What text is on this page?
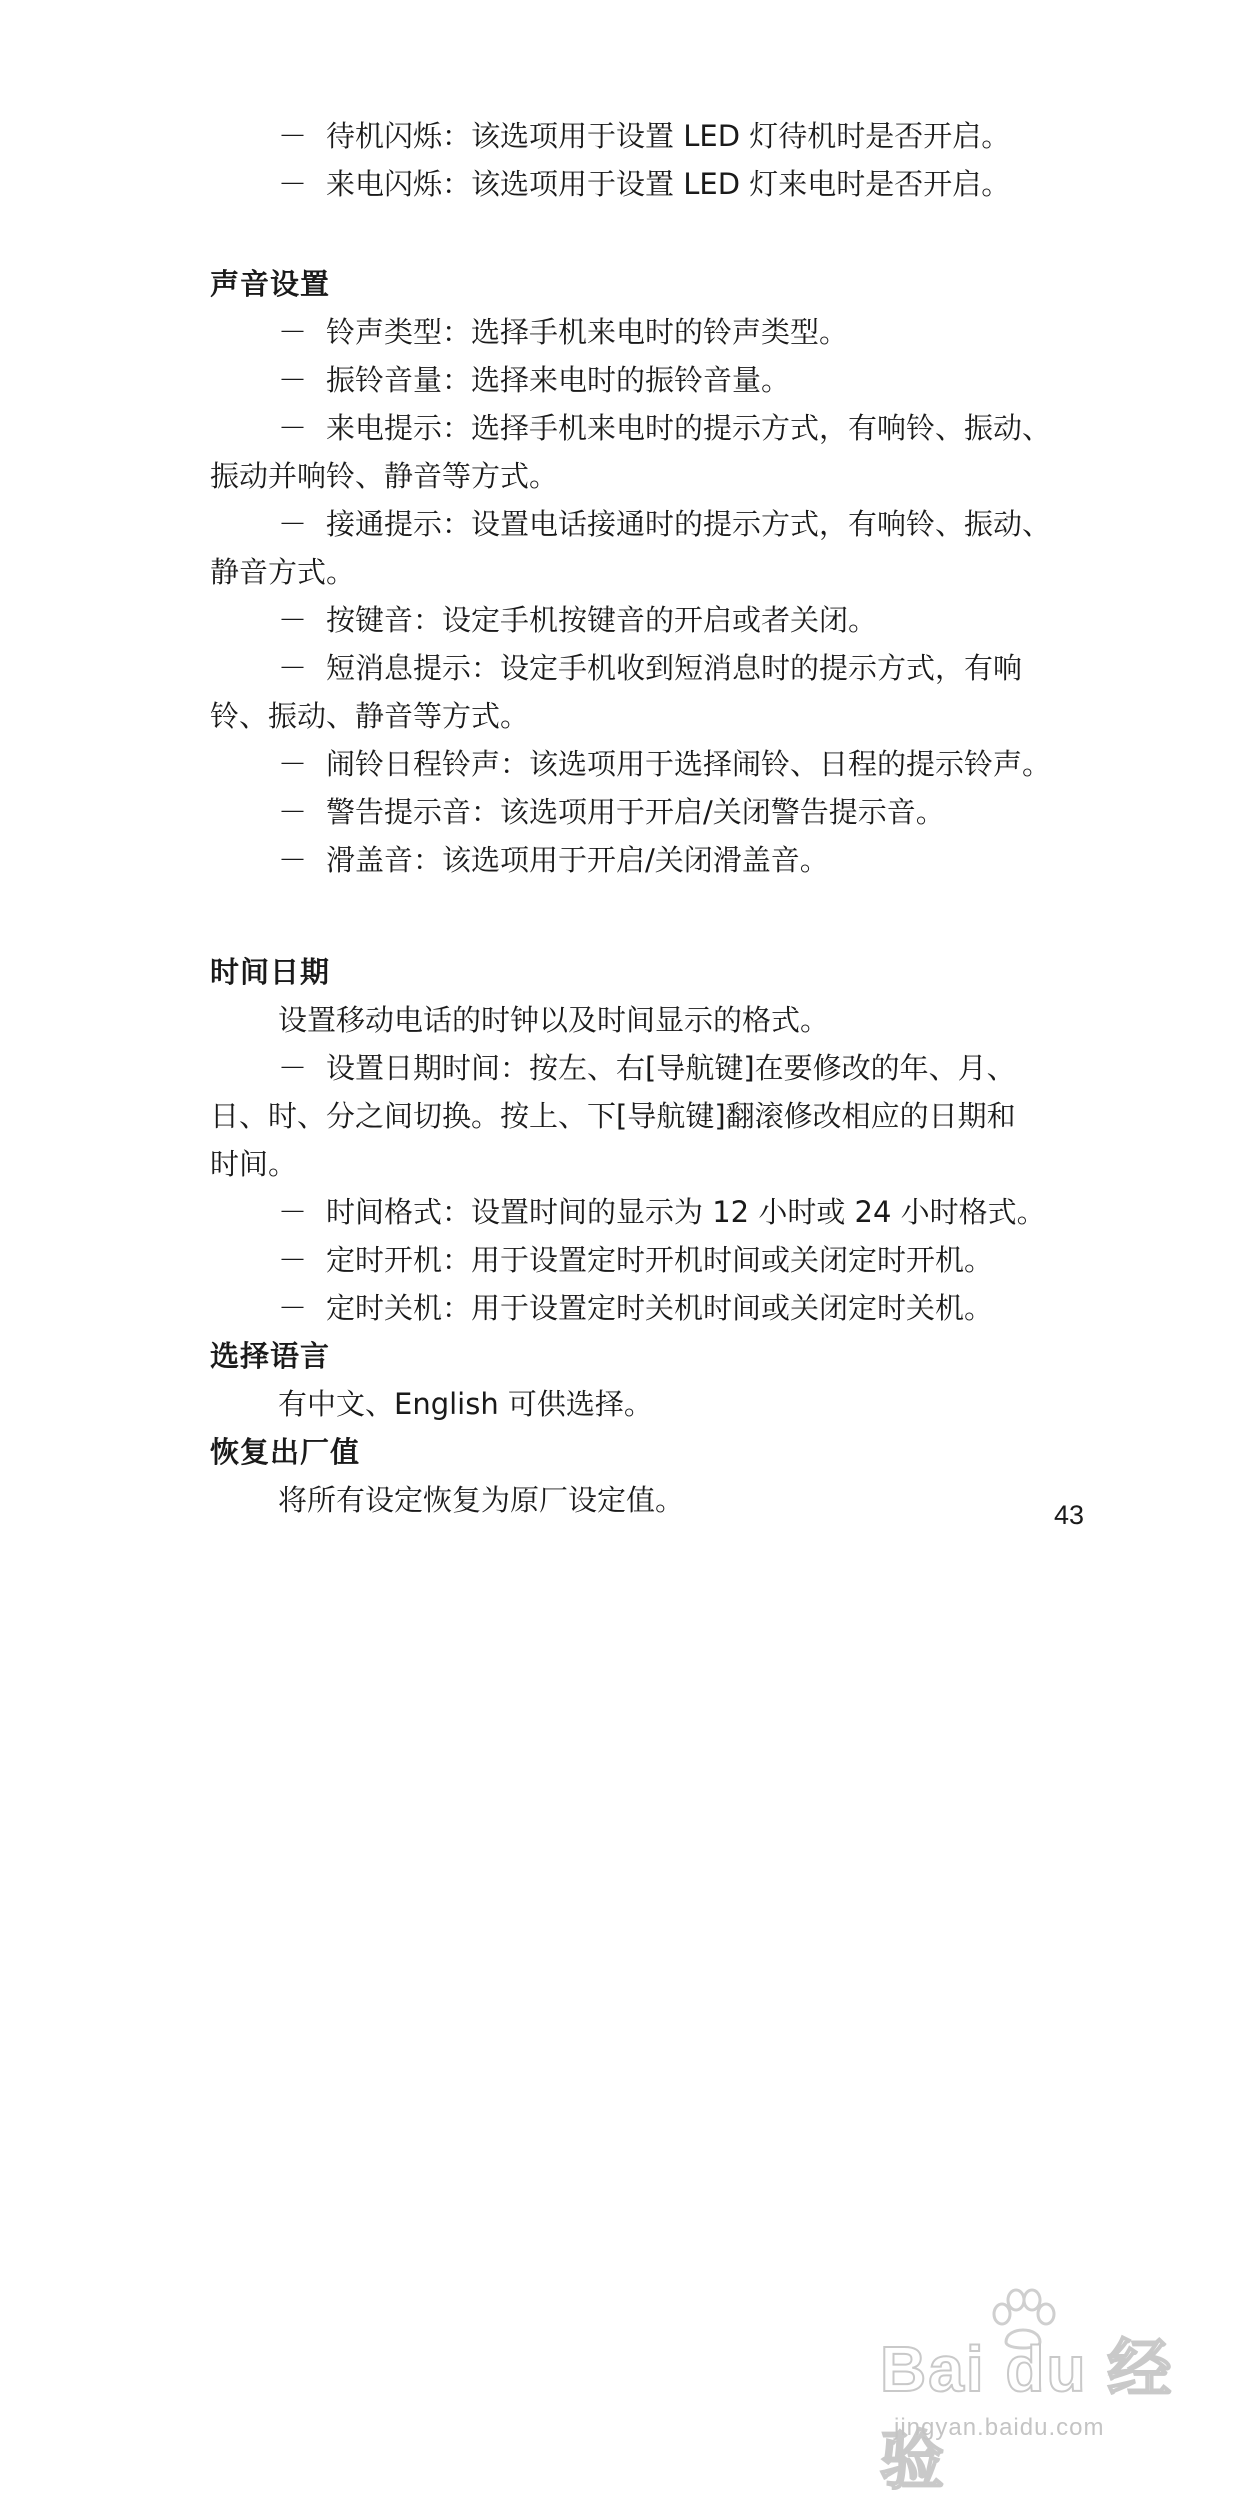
－ 待机闪烁：该选项用于设置 LED 灯待机时是否开启。
－ 来电闪烁：该选项用于设置 LED 灯来电时是否开启。
声音设置
－ 铃声类型：选择手机来电时的铃声类型。
－ 振铃音量：选择来电时的振铃音量。
－ 来电提示：选择手机来电时的提示方式，有响铃、振动、
振动并响铃、静音等方式。
－ 接通提示：设置电话接通时的提示方式，有响铃、振动、
静音方式。
－ 按键音：设定手机按键音的开启或者关闭。
－ 短消息提示：设定手机收到短消息时的提示方式，有响
铃、振动、静音等方式。
－ 闹铃日程铃声：该选项用于选择闹铃、日程的提示铃声。
－ 警告提示音：该选项用于开启/关闭警告提示音。
－ 滑盖音：该选项用于开启/关闭滑盖音。
时间日期
设置移动电话的时钟以及时间显示的格式。
－ 设置日期时间：按左、右[导航键]在要修改的年、月、
日、时、分之间切换。按上、下[导航键]翻滚修改相应的日期和
时间。
－ 时间格式：设置时间的显示为 12 小时或 24 小时格式。
－ 定时开机：用于设置定时开机时间或关闭定时开机。
－ 定时关机：用于设置定时关机时间或关闭定时关机。
选择语言
有中文、English 可供选择。
恢复出厂值
将所有设定恢复为原厂设定值。	43
Bai du 经验
jingyan.baidu.com
